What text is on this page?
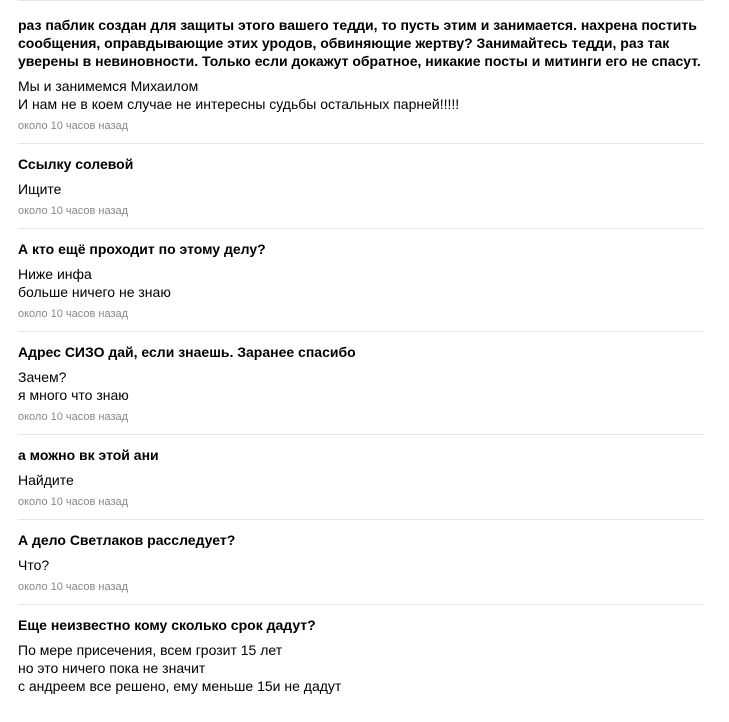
раз паблик создан для защиты этого вашего тедди, то пусть этим и занимается. нахрена постить сообщения, оправдывающие этих уродов, обвиняющие жертву? Занимайтесь тедди, раз так уверены в невиновности. Только если докажут обратное, никакие посты и митинги его не спасут.
Мы и занимемся Михаилом
И нам не в коем случае не интересны судьбы остальных парней!!!!!
около 10 часов назад
Ссылку солевой
Ищите
около 10 часов назад
А кто ещё проходит по этому делу?
Ниже инфа
больше ничего не знаю
около 10 часов назад
Адрес СИЗО дай, если знаешь. Заранее спасибо
Зачем?
я много что знаю
около 10 часов назад
а можно вк этой ани
Найдите
около 10 часов назад
А дело Светлаков расследует?
Что?
около 10 часов назад
Еще неизвестно кому сколько срок дадут?
По мере присечения, всем грозит 15 лет
но это ничего пока не значит
с андреем все решено, ему меньше 15и не дадут
